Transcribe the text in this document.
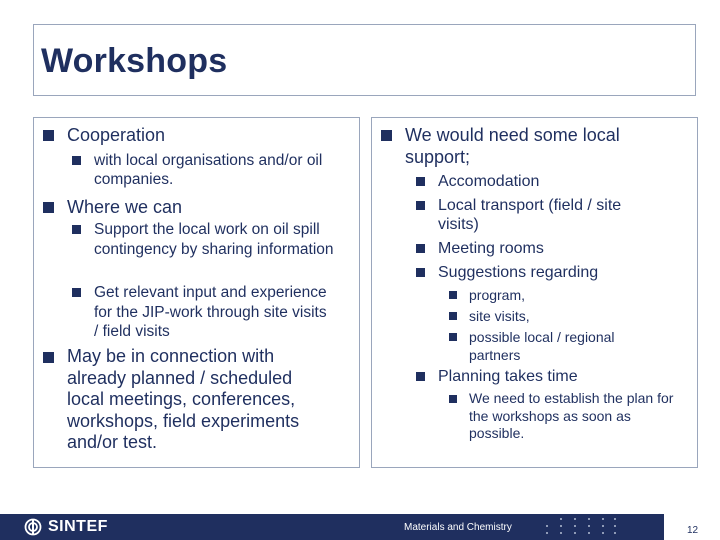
Workshops
Cooperation
with local organisations and/or oil companies.
Where we can
Support the local work on oil spill contingency by sharing information
Get relevant input and experience for the JIP-work through site visits / field visits
May be in connection with already planned / scheduled local meetings, conferences, workshops, field experiments and/or test.
We would need some local support;
Accomodation
Local transport (field / site visits)
Meeting rooms
Suggestions regarding
program,
site visits,
possible local / regional partners
Planning takes time
We need to establish the plan for the workshops as soon as possible.
SINTEF	Materials and Chemistry	12
